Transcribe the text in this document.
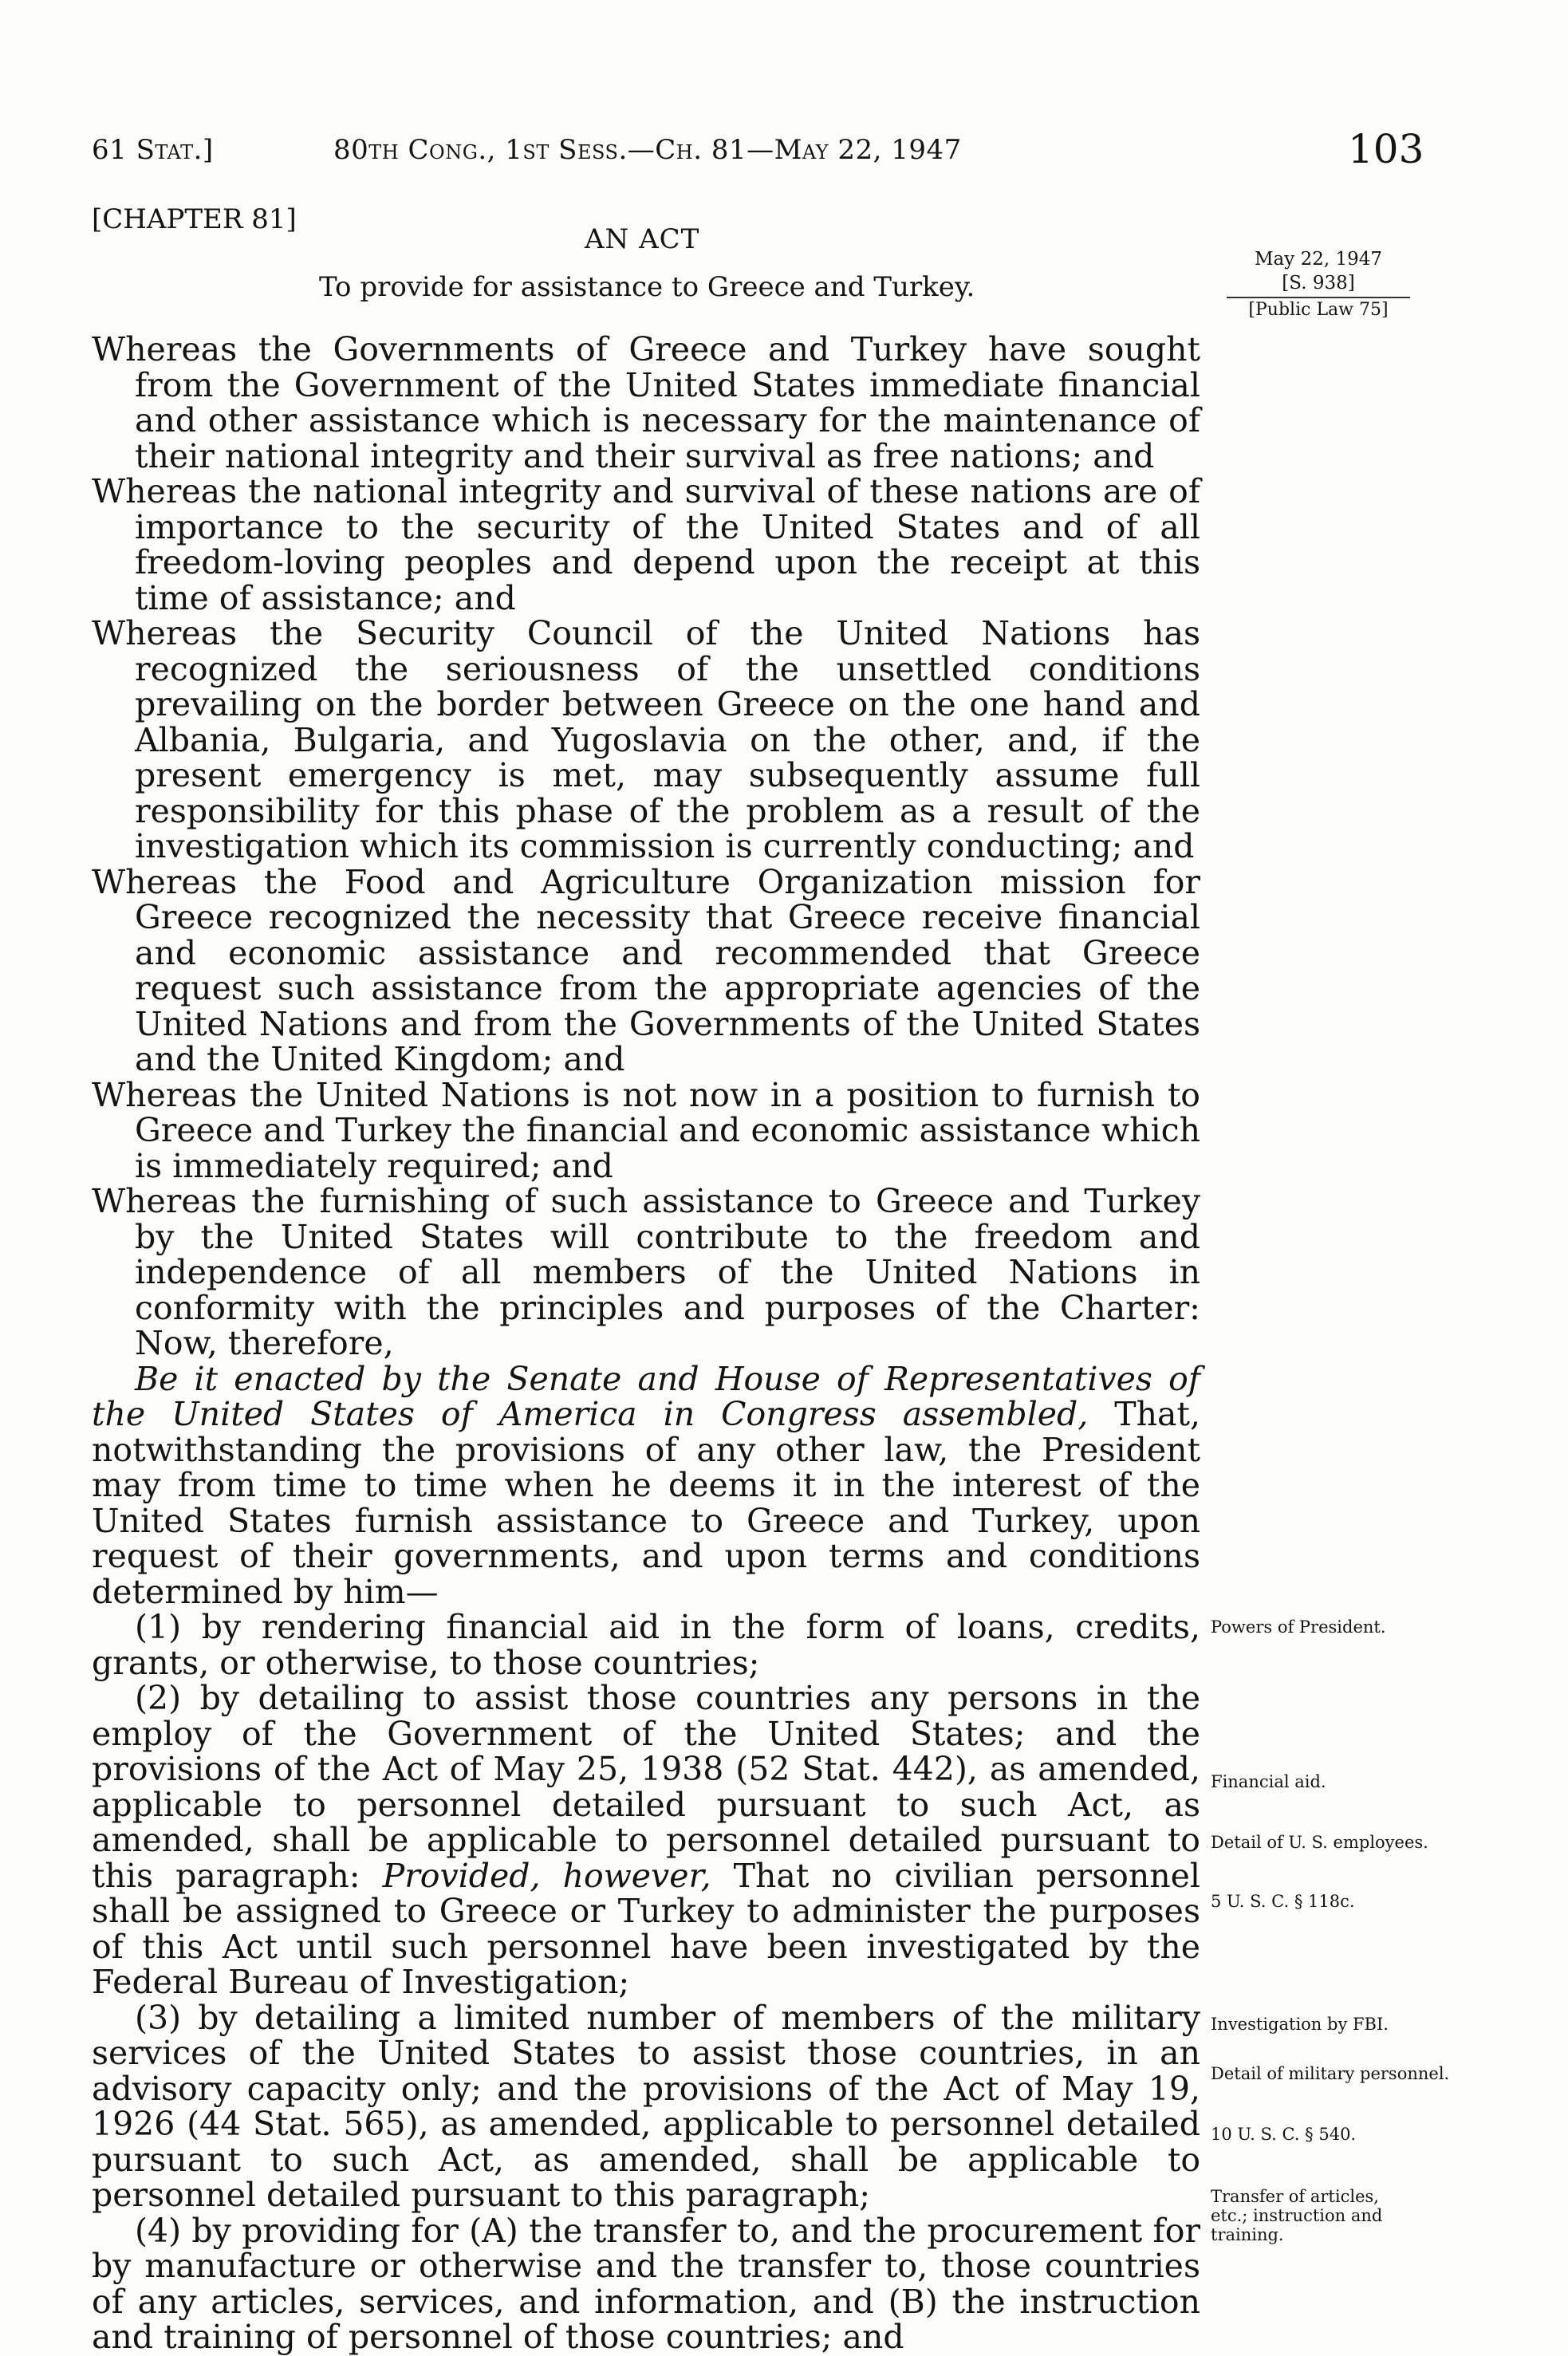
61 Stat.]	80th Cong., 1st Sess.—Ch. 81—May 22, 1947	103
[CHAPTER 81]
AN ACT
To provide for assistance to Greece and Turkey.
May 22, 1947
[S. 938]
[Public Law 75]

Whereas the Governments of Greece and Turkey have sought from the Government of the United States immediate financial and other assistance which is necessary for the maintenance of their national integrity and their survival as free nations; and

Whereas the national integrity and survival of these nations are of importance to the security of the United States and of all freedom-loving peoples and depend upon the receipt at this time of assistance; and

Whereas the Security Council of the United Nations has recognized the seriousness of the unsettled conditions prevailing on the border between Greece on the one hand and Albania, Bulgaria, and Yugoslavia on the other, and, if the present emergency is met, may subsequently assume full responsibility for this phase of the problem as a result of the investigation which its commission is currently conducting; and

Whereas the Food and Agriculture Organization mission for Greece recognized the necessity that Greece receive financial and economic assistance and recommended that Greece request such assistance from the appropriate agencies of the United Nations and from the Governments of the United States and the United Kingdom; and

Whereas the United Nations is not now in a position to furnish to Greece and Turkey the financial and economic assistance which is immediately required; and

Whereas the furnishing of such assistance to Greece and Turkey by the United States will contribute to the freedom and independence of all members of the United Nations in conformity with the principles and purposes of the Charter: Now, therefore,

Be it enacted by the Senate and House of Representatives of the United States of America in Congress assembled, That, notwithstanding the provisions of any other law, the President may from time to time when he deems it in the interest of the United States furnish assistance to Greece and Turkey, upon request of their governments, and upon terms and conditions determined by him—

(1) by rendering financial aid in the form of loans, credits, grants, or otherwise, to those countries;

(2) by detailing to assist those countries any persons in the employ of the Government of the United States; and the provisions of the Act of May 25, 1938 (52 Stat. 442), as amended, applicable to personnel detailed pursuant to such Act, as amended, shall be applicable to personnel detailed pursuant to this paragraph: Provided, however, That no civilian personnel shall be assigned to Greece or Turkey to administer the purposes of this Act until such personnel have been investigated by the Federal Bureau of Investigation;

(3) by detailing a limited number of members of the military services of the United States to assist those countries, in an advisory capacity only; and the provisions of the Act of May 19, 1926 (44 Stat. 565), as amended, applicable to personnel detailed pursuant to such Act, as amended, shall be applicable to personnel detailed pursuant to this paragraph;

(4) by providing for (A) the transfer to, and the procurement for by manufacture or otherwise and the transfer to, those countries of any articles, services, and information, and (B) the instruction and training of personnel of those countries; and

Powers of President.
Financial aid.
Detail of U. S. employees.
5 U. S. C. § 118c.
Investigation by FBI.
Detail of military personnel.
10 U. S. C. § 540.
Transfer of articles,
etc.; instruction and
training.
